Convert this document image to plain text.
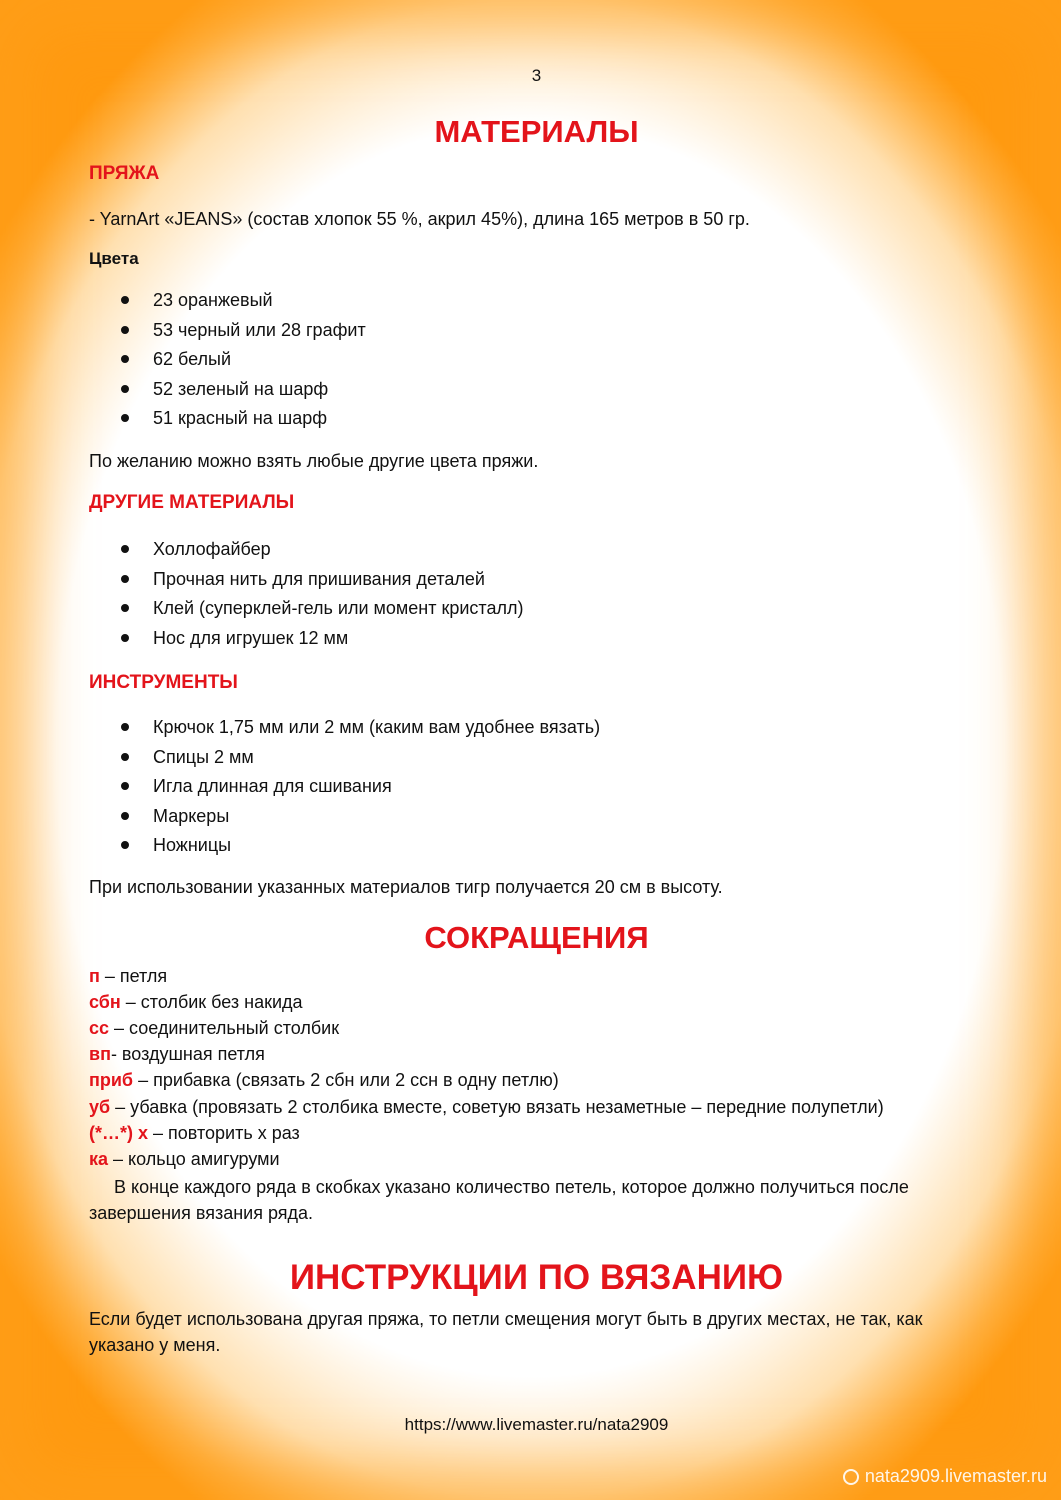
3
МАТЕРИАЛЫ
ПРЯЖА
- YarnArt «JEANS» (состав хлопок 55 %, акрил 45%), длина 165 метров в 50 гр.
Цвета
23 оранжевый
53 черный или 28 графит
62 белый
52 зеленый на шарф
51 красный на шарф
По желанию можно взять любые другие цвета пряжи.
ДРУГИЕ МАТЕРИАЛЫ
Холлофайбер
Прочная нить для пришивания деталей
Клей (суперклей-гель или момент кристалл)
Нос для игрушек 12 мм
ИНСТРУМЕНТЫ
Крючок 1,75 мм или 2 мм (каким вам удобнее вязать)
Спицы 2 мм
Игла длинная для сшивания
Маркеры
Ножницы
При использовании указанных материалов тигр получается 20 см в высоту.
СОКРАЩЕНИЯ
п – петля
сбн – столбик без накида
сс – соединительный столбик
вп- воздушная петля
приб – прибавка (связать 2 сбн или 2 ссн в одну петлю)
уб – убавка (провязать 2 столбика вместе, советую вязать незаметные – передние полупетли)
(*…*) х – повторить х раз
ка – кольцо амигуруми
В конце каждого ряда в скобках указано количество петель, которое должно получиться после завершения вязания ряда.
ИНСТРУКЦИИ ПО ВЯЗАНИЮ
Если будет использована другая пряжа, то петли смещения могут быть в других местах, не так, как указано у меня.
https://www.livemaster.ru/nata2909
nata2909.livemaster.ru
